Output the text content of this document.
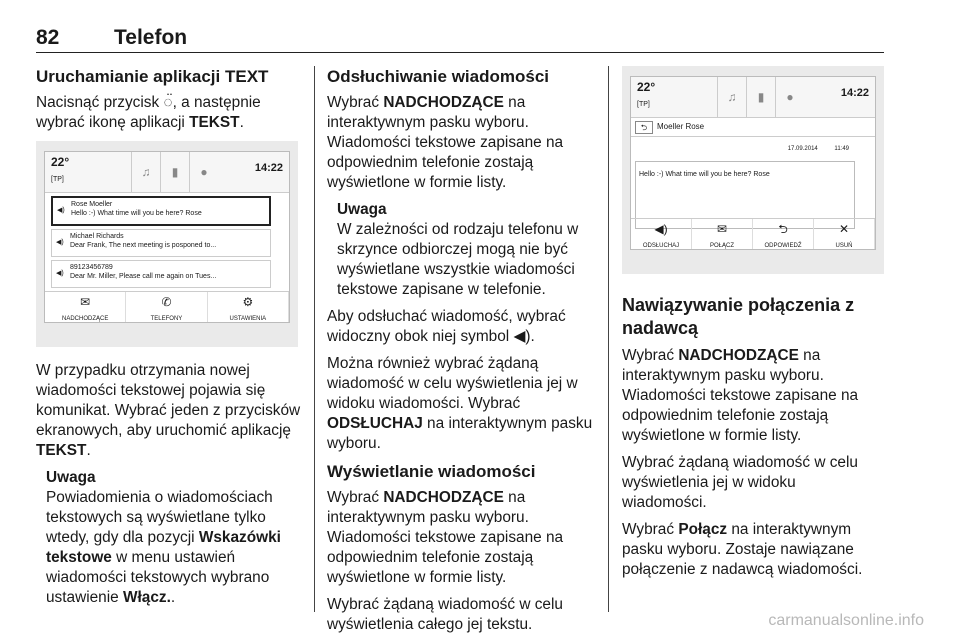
82	Telefon
Uruchamianie aplikacji TEXT

Nacisnąć przycisk ◌̈, a następnie wybrać ikonę aplikacji TEKST.

22°
[TP]
♫	▮	●	14:22
◀)
Rose Moeller
Hello :-) What time will you be here? Rose
◀)
Michael Richards
Dear Frank, The next meeting is posponed to...
◀)
89123456789
Dear Mr. Miller, Please call me again on Tues...
✉
NADCHODZĄCE
✆
TELEFONY
⚙
USTAWIENIA

W przypadku otrzymania nowej wiadomości tekstowej pojawia się komunikat. Wybrać jeden z przycisków ekranowych, aby uruchomić aplikację TEKST.

Uwaga
Powiadomienia o wiadomościach tekstowych są wyświetlane tylko wtedy, gdy dla pozycji Wskazówki tekstowe w menu ustawień wiadomości tekstowych wybrano ustawienie Włącz..
Odsłuchiwanie wiadomości

Wybrać NADCHODZĄCE na interaktywnym pasku wyboru. Wiadomości tekstowe zapisane na odpowiednim telefonie zostają wyświetlone w formie listy.

Uwaga
W zależności od rodzaju telefonu w skrzynce odbiorczej mogą nie być wyświetlane wszystkie wiadomości tekstowe zapisane w telefonie.

Aby odsłuchać wiadomość, wybrać widoczny obok niej symbol ◀︎).

Można również wybrać żądaną wiadomość w celu wyświetlenia jej w widoku wiadomości. Wybrać ODSŁUCHAJ na interaktywnym pasku wyboru.

Wyświetlanie wiadomości

Wybrać NADCHODZĄCE na interaktywnym pasku wyboru. Wiadomości tekstowe zapisane na odpowiednim telefonie zostają wyświetlone w formie listy.

Wybrać żądaną wiadomość w celu wyświetlenia całego jej tekstu.

22°
[TP]
♫	▮	●	14:22
⮌	Moeller Rose
17.09.2014	11:49
Hello :-) What time will you be here? Rose
◀)
ODSŁUCHAJ
✉
POŁĄCZ
⮌
ODPOWIEDŹ
✕
USUŃ
Nawiązywanie połączenia z nadawcą

Wybrać NADCHODZĄCE na interaktywnym pasku wyboru. Wiadomości tekstowe zapisane na odpowiednim telefonie zostają wyświetlone w formie listy.

Wybrać żądaną wiadomość w celu wyświetlenia jej w widoku wiadomości.

Wybrać Połącz na interaktywnym pasku wyboru. Zostaje nawiązane połączenie z nadawcą wiadomości.

carmanualsonline.info
